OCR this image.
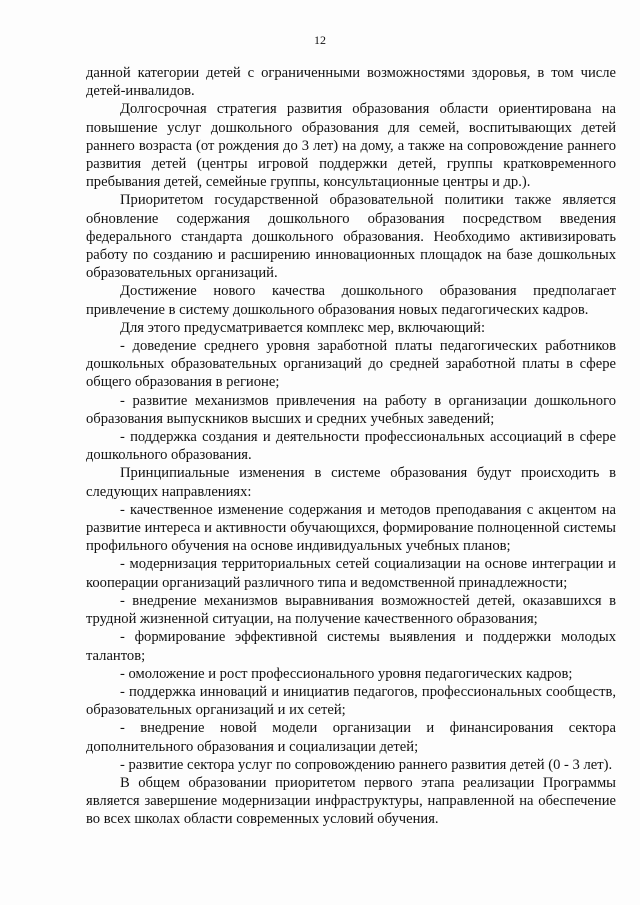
12

данной категории детей с ограниченными возможностями здоровья, в том числе детей-инвалидов.

Долгосрочная стратегия развития образования области ориентирована на повышение услуг дошкольного образования для семей, воспитывающих детей раннего возраста (от рождения до 3 лет) на дому, а также на сопровождение раннего развития детей (центры игровой поддержки детей, группы кратковременного пребывания детей, семейные группы, консультационные центры и др.).

Приоритетом государственной образовательной политики также является обновление содержания дошкольного образования посредством введения федерального стандарта дошкольного образования. Необходимо активизировать работу по созданию и расширению инновационных площадок на базе дошкольных образовательных организаций.

Достижение нового качества дошкольного образования предполагает привлечение в систему дошкольного образования новых педагогических кадров.

Для этого предусматривается комплекс мер, включающий:

- доведение среднего уровня заработной платы педагогических работников дошкольных образовательных организаций до средней заработной платы в сфере общего образования в регионе;

- развитие механизмов привлечения на работу в организации дошкольного образования выпускников высших и средних учебных заведений;

- поддержка создания и деятельности профессиональных ассоциаций в сфере дошкольного образования.

Принципиальные изменения в системе образования будут происходить в следующих направлениях:

- качественное изменение содержания и методов преподавания с акцентом на развитие интереса и активности обучающихся, формирование полноценной системы профильного обучения на основе индивидуальных учебных планов;

- модернизация территориальных сетей социализации на основе интеграции и кооперации организаций различного типа и ведомственной принадлежности;

- внедрение механизмов выравнивания возможностей детей, оказавшихся в трудной жизненной ситуации, на получение качественного образования;

- формирование эффективной системы выявления и поддержки молодых талантов;

- омоложение и рост профессионального уровня педагогических кадров;

- поддержка инноваций и инициатив педагогов, профессиональных сообществ, образовательных организаций и их сетей;

- внедрение новой модели организации и финансирования сектора дополнительного образования и социализации детей;

- развитие сектора услуг по сопровождению раннего развития детей (0 - 3 лет).

В общем образовании приоритетом первого этапа реализации Программы является завершение модернизации инфраструктуры, направленной на обеспечение во всех школах области современных условий обучения.
